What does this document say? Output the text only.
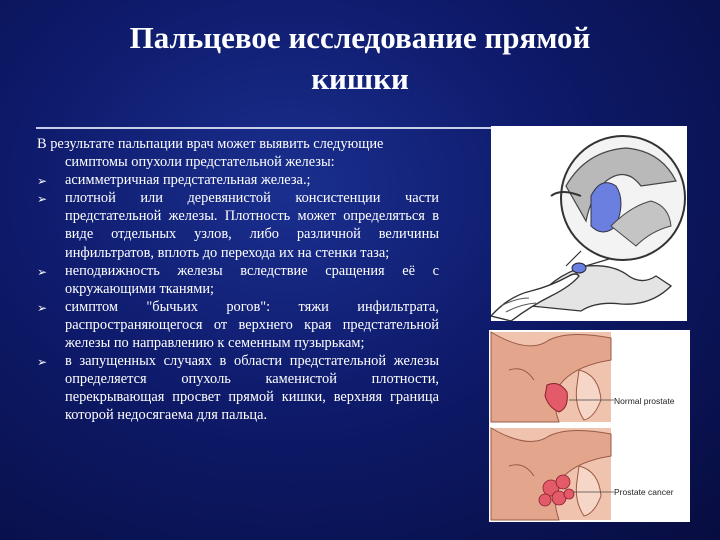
Пальцевое исследование прямой
кишки

В результате пальпации врач может выявить следующие симптомы опухоли предстательной железы:

➢ асимметричная предстательная железа.;
➢ плотной или деревянистой консистенции части предстательной железы. Плотность может определяться в виде отдельных узлов, либо различной величины инфильтратов, вплоть до перехода их на стенки таза;
➢ неподвижность железы вследствие сращения её с окружающими тканями;
➢ симптом "бычьих рогов": тяжи инфильтрата, распространяющегося от верхнего края предстательной железы по направлению к семенным пузырькам;
➢ в запущенных случаях в области предстательной железы определяется опухоль каменистой плотности, перекрывающая просвет прямой кишки, верхняя граница которой недосягаема для пальца.
Normal prostate
Prostate cancer
